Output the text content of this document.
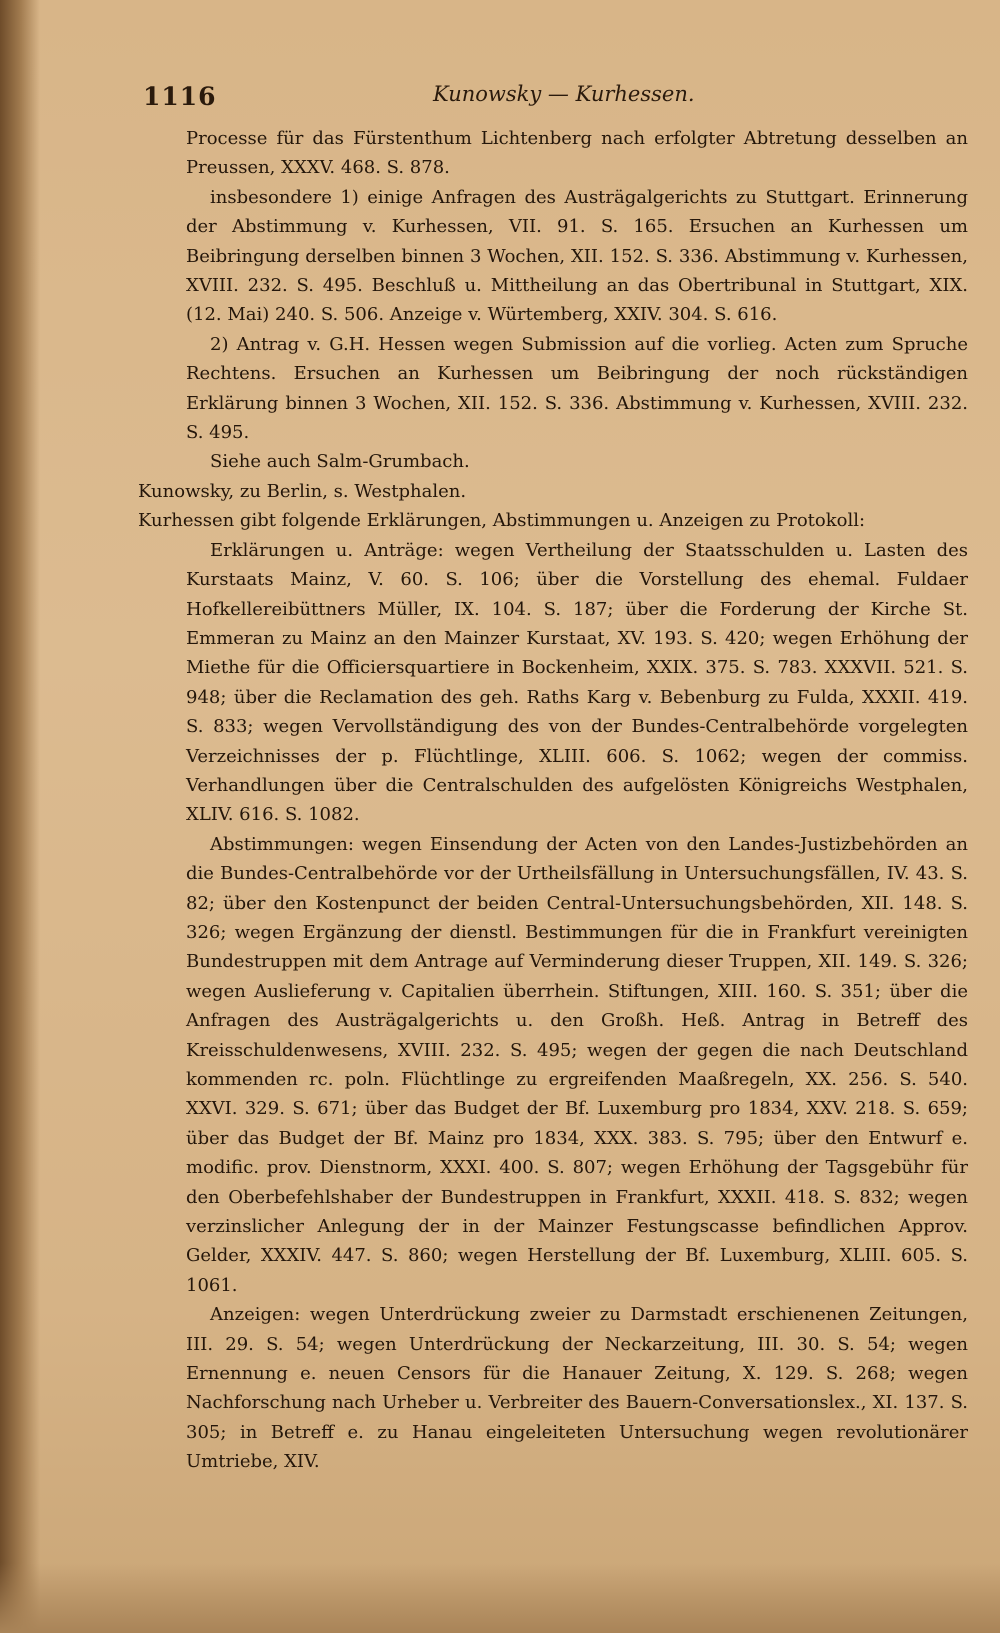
1116	Kunowsky — Kurhessen.

Processe für das Fürstenthum Lichtenberg nach erfolgter Abtretung desselben an Preussen, XXXV. 468. S. 878.

insbesondere 1) einige Anfragen des Austrägalgerichts zu Stuttgart. Erinnerung der Abstimmung v. Kurhessen, VII. 91. S. 165. Ersuchen an Kurhessen um Beibringung derselben binnen 3 Wochen, XII. 152. S. 336. Abstimmung v. Kurhessen, XVIII. 232. S. 495. Beschluß u. Mittheilung an das Obertribunal in Stuttgart, XIX. (12. Mai) 240. S. 506. Anzeige v. Würtemberg, XXIV. 304. S. 616.

2) Antrag v. G.H. Hessen wegen Submission auf die vorlieg. Acten zum Spruche Rechtens. Ersuchen an Kurhessen um Beibringung der noch rückständigen Erklärung binnen 3 Wochen, XII. 152. S. 336. Abstimmung v. Kurhessen, XVIII. 232. S. 495.

Siehe auch Salm-Grumbach.

Kunowsky, zu Berlin, s. Westphalen.

Kurhessen gibt folgende Erklärungen, Abstimmungen u. Anzeigen zu Protokoll:

Erklärungen u. Anträge: wegen Vertheilung der Staatsschulden u. Lasten des Kurstaats Mainz, V. 60. S. 106; über die Vorstellung des ehemal. Fuldaer Hofkellereibüttners Müller, IX. 104. S. 187; über die Forderung der Kirche St. Emmeran zu Mainz an den Mainzer Kurstaat, XV. 193. S. 420; wegen Erhöhung der Miethe für die Officiersquartiere in Bockenheim, XXIX. 375. S. 783. XXXVII. 521. S. 948; über die Reclamation des geh. Raths Karg v. Bebenburg zu Fulda, XXXII. 419. S. 833; wegen Vervollständigung des von der Bundes-Centralbehörde vorgelegten Verzeichnisses der p. Flüchtlinge, XLIII. 606. S. 1062; wegen der commiss. Verhandlungen über die Centralschulden des aufgelösten Königreichs Westphalen, XLIV. 616. S. 1082.

Abstimmungen: wegen Einsendung der Acten von den Landes-Justizbehörden an die Bundes-Centralbehörde vor der Urtheilsfällung in Untersuchungsfällen, IV. 43. S. 82; über den Kostenpunct der beiden Central-Untersuchungsbehörden, XII. 148. S. 326; wegen Ergänzung der dienstl. Bestimmungen für die in Frankfurt vereinigten Bundestruppen mit dem Antrage auf Verminderung dieser Truppen, XII. 149. S. 326; wegen Auslieferung v. Capitalien überrhein. Stiftungen, XIII. 160. S. 351; über die Anfragen des Austrägalgerichts u. den Großh. Heß. Antrag in Betreff des Kreisschuldenwesens, XVIII. 232. S. 495; wegen der gegen die nach Deutschland kommenden rc. poln. Flüchtlinge zu ergreifenden Maaßregeln, XX. 256. S. 540. XXVI. 329. S. 671; über das Budget der Bf. Luxemburg pro 1834, XXV. 218. S. 659; über das Budget der Bf. Mainz pro 1834, XXX. 383. S. 795; über den Entwurf e. modific. prov. Dienstnorm, XXXI. 400. S. 807; wegen Erhöhung der Tagsgebühr für den Oberbefehlshaber der Bundestruppen in Frankfurt, XXXII. 418. S. 832; wegen verzinslicher Anlegung der in der Mainzer Festungscasse befindlichen Approv. Gelder, XXXIV. 447. S. 860; wegen Herstellung der Bf. Luxemburg, XLIII. 605. S. 1061.

Anzeigen: wegen Unterdrückung zweier zu Darmstadt erschienenen Zeitungen, III. 29. S. 54; wegen Unterdrückung der Neckarzeitung, III. 30. S. 54; wegen Ernennung e. neuen Censors für die Hanauer Zeitung, X. 129. S. 268; wegen Nachforschung nach Urheber u. Verbreiter des Bauern-Conversationslex., XI. 137. S. 305; in Betreff e. zu Hanau eingeleiteten Untersuchung wegen revolutionärer Umtriebe, XIV.
